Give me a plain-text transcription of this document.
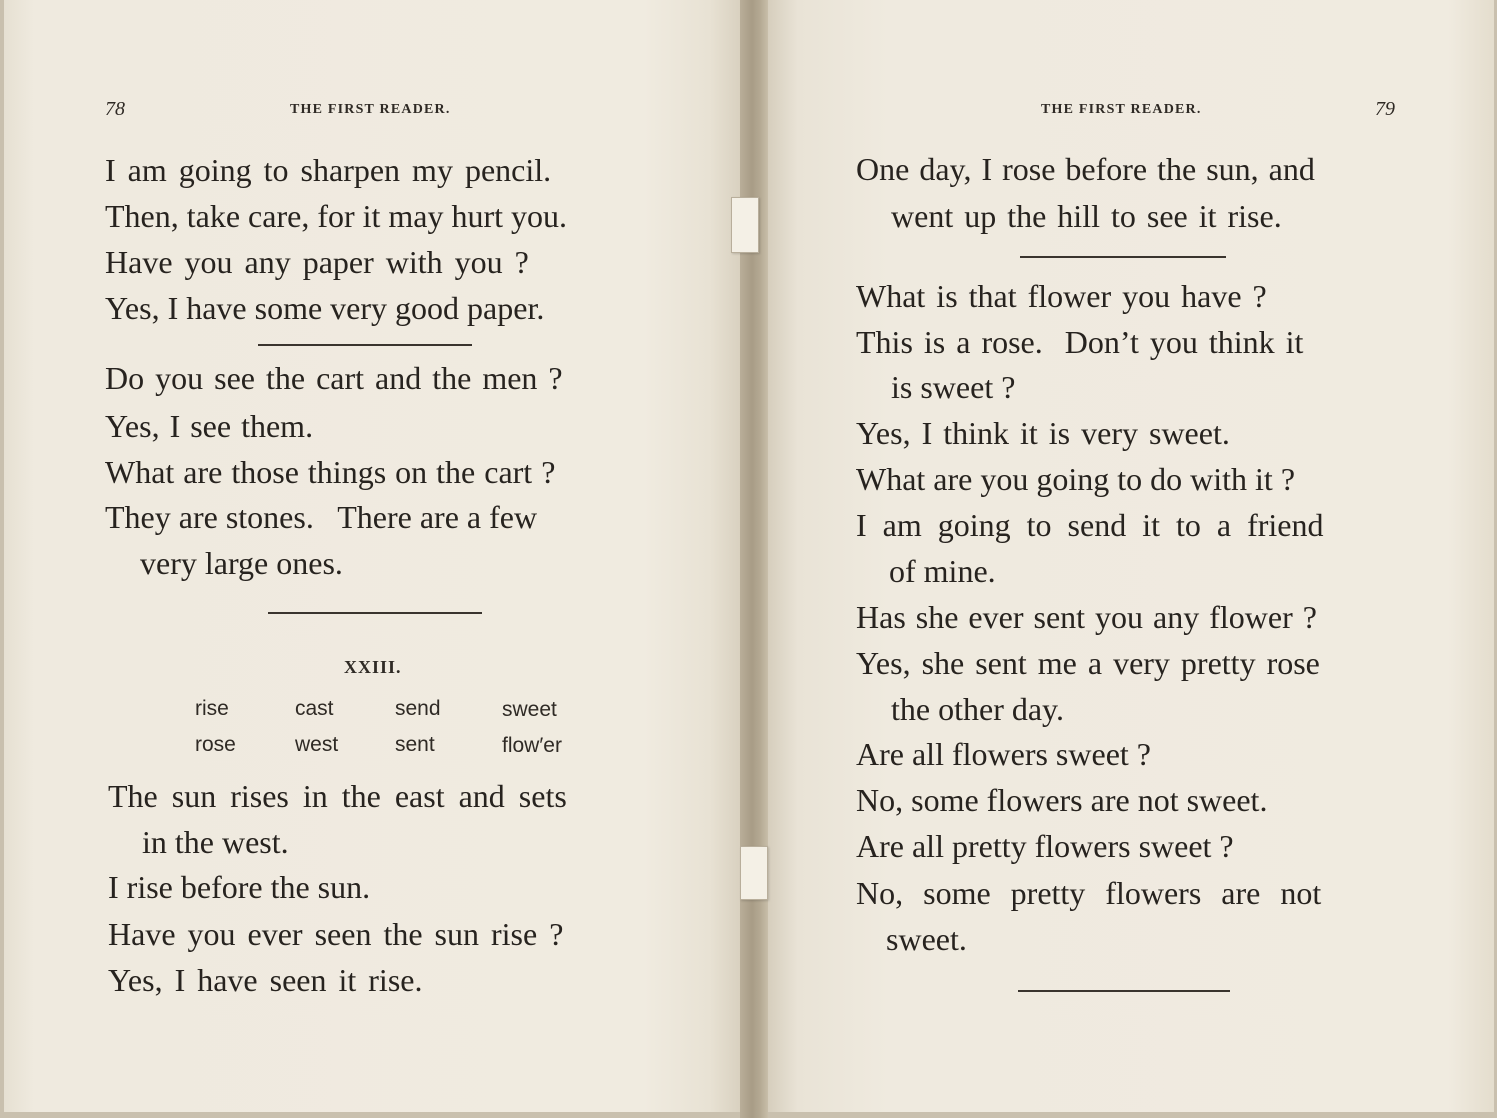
78	THE FIRST READER.
I am going to sharpen my pencil.
Then, take care, for it may hurt you.
Have you any paper with you ?
Yes, I have some very good paper.
Do you see the cart and the men ?
Yes, I see them.
What are those things on the cart ?
They are stones.   There are a few
very large ones.
XXIII.
rise	cast	send	sweet
rose	west	sent	flow′er
The sun rises in the east and sets
in the west.
I rise before the sun.
Have you ever seen the sun rise ?
Yes, I have seen it rise.
THE FIRST READER.	79
One day, I rose before the sun, and
went up the hill to see it rise.
What is that flower you have ?
This is a rose.  Don’t you think it
is sweet ?
Yes, I think it is very sweet.
What are you going to do with it ?
I am going to send it to a friend
of mine.
Has she ever sent you any flower ?
Yes, she sent me a very pretty rose
the other day.
Are all flowers sweet ?
No, some flowers are not sweet.
Are all pretty flowers sweet ?
No, some pretty flowers are not
sweet.
